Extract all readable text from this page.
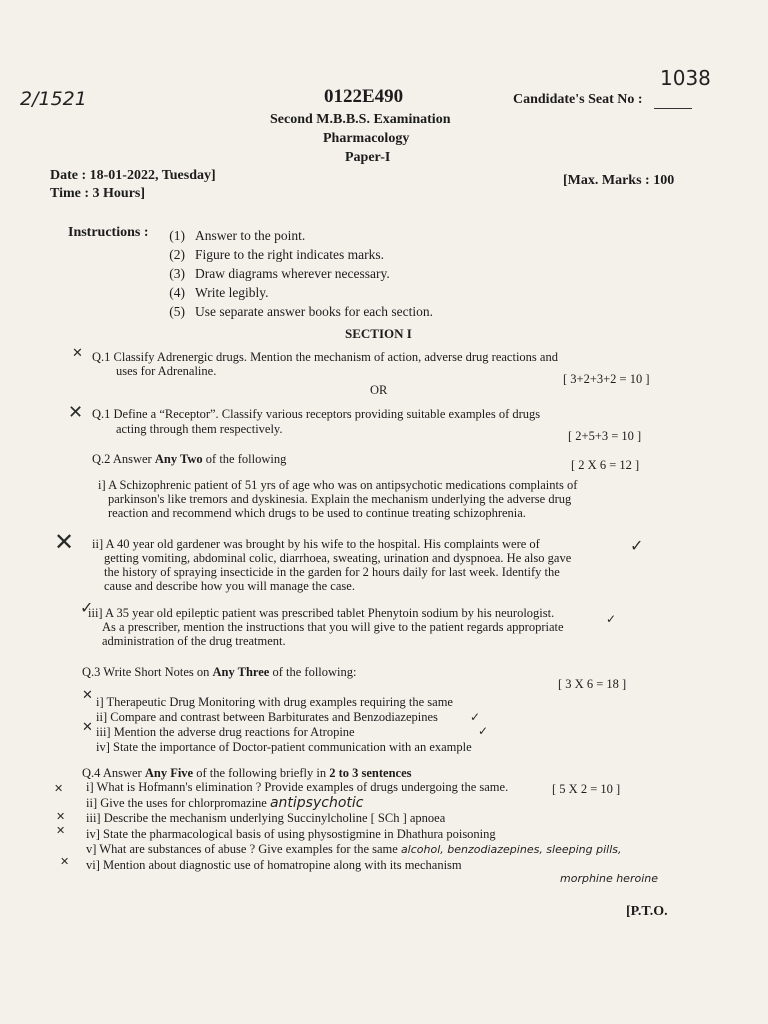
2/1521	0122E490	Candidate's Seat No :
1038
Second M.B.B.S. Examination
Pharmacology
Paper-I
Date : 18-01-2022, Tuesday]
Time : 3 Hours]
[Max. Marks : 100
Instructions :	(1) Answer to the point.
(2) Figure to the right indicates marks.
(3) Draw diagrams wherever necessary.
(4) Write legibly.
(5) Use separate answer books for each section.
SECTION I
✕ Q.1 Classify Adrenergic drugs. Mention the mechanism of action, adverse drug reactions and
uses for Adrenaline.
[ 3+2+3+2 = 10 ]
OR
✕ Q.1 Define a “Receptor”. Classify various receptors providing suitable examples of drugs
acting through them respectively.	[ 2+5+3 = 10 ]
Q.2 Answer Any Two of the following	[ 2 X 6 = 12 ]
i] A Schizophrenic patient of 51 yrs of age who was on antipsychotic medications complaints of
parkinson's like tremors and dyskinesia. Explain the mechanism underlying the adverse drug
reaction and recommend which drugs to be used to continue treating schizophrenia.
✕	✓
ii] A 40 year old gardener was brought by his wife to the hospital. His complaints were of
getting vomiting, abdominal colic, diarrhoea, sweating, urination and dyspnoea. He also gave
the history of spraying insecticide in the garden for 2 hours daily for last week. Identify the
cause and describe how you will manage the case.
✓
✓
iii] A 35 year old epileptic patient was prescribed tablet Phenytoin sodium by his neurologist.
As a prescriber, mention the instructions that you will give to the patient regards appropriate
administration of the drug treatment.
Q.3 Write Short Notes on Any Three of the following:
[ 3 X 6 = 18 ]
✕ i] Therapeutic Drug Monitoring with drug examples requiring the same
ii] Compare and contrast between Barbiturates and Benzodiazepines
iii] Mention the adverse drug reactions for Atropine
iv] State the importance of Doctor-patient communication with an example
✓
✕	✓
Q.4 Answer Any Five of the following briefly in 2 to 3 sentences
[ 5 X 2 = 10 ]
✕
✕
✕
✕
i] What is Hofmann's elimination ? Provide examples of drugs undergoing the same.
ii] Give the uses for chlorpromazine antipsychotic
iii] Describe the mechanism underlying Succinylcholine [ SCh ] apnoea
iv] State the pharmacological basis of using physostigmine in Dhathura poisoning
v] What are substances of abuse ? Give examples for the same alcohol, benzodiazepines, sleeping pills,
vi] Mention about diagnostic use of homatropine along with its mechanism
morphine heroine
[P.T.O.
